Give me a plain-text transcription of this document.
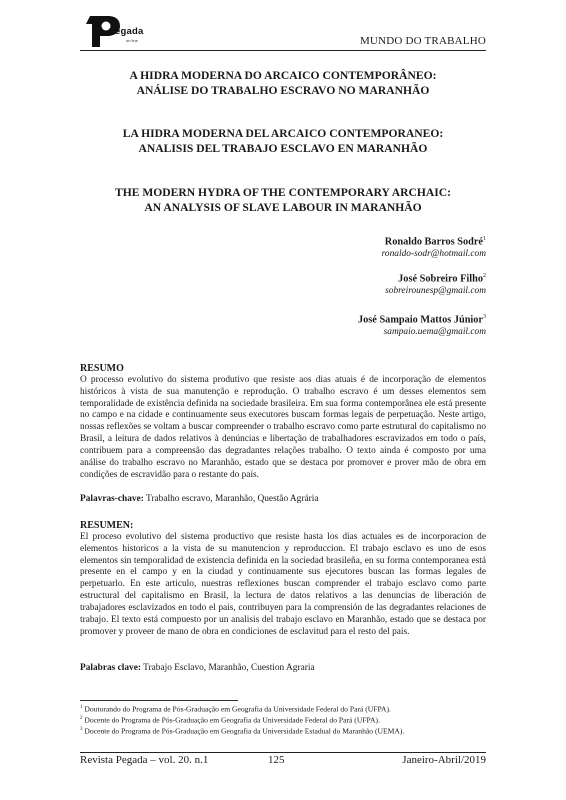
egada
on line	MUNDO DO TRABALHO
A HIDRA MODERNA DO ARCAICO CONTEMPORÂNEO:
ANÁLISE DO TRABALHO ESCRAVO NO MARANHÃO
LA HIDRA MODERNA DEL ARCAICO CONTEMPORANEO:
ANALISIS DEL TRABAJO ESCLAVO EN MARANHÃO
THE MODERN HYDRA OF THE CONTEMPORARY ARCHAIC:
AN ANALYSIS OF SLAVE LABOUR IN MARANHÃO
Ronaldo Barros Sodré$^1$
ronaldo-sodr@hotmail.com
José Sobreiro Filho$^2$
sobreirounesp@gmail.com
José Sampaio Mattos Júnior$^3$
sampaio.uema@gmail.com
RESUMO
O processo evolutivo do sistema produtivo que resiste aos dias atuais é de incorporação de elementos históricos à vista de sua manutenção e reprodução. O trabalho escravo é um desses elementos sem temporalidade de existência definida na sociedade brasileira. Em sua forma contemporânea ele está presente no campo e na cidade e continuamente seus executores buscam formas legais de perpetuação. Neste artigo, nossas reflexões se voltam a buscar compreender o trabalho escravo como parte estrutural do capitalismo no Brasil, a leitura de dados relativos à denúncias e libertação de trabalhadores escravizados em todo o país, contribuem para a compreensão das degradantes relações trabalho. O texto ainda é composto por uma análise do trabalho escravo no Maranhão, estado que se destaca por promover e prover mão de obra em condições de escravidão para o restante do país.
Palavras-chave: Trabalho escravo, Maranhão, Questão Agrária
RESUMEN:
El proceso evolutivo del sistema productivo que resiste hasta los días actuales es de incorporacion de elementos historicos a la vista de su manutencion y reproduccion. El trabajo esclavo es uno de esos elementos sin temporalidad de existencia definida en la sociedad brasileña, en su forma contemporanea está presente en el campo y en la ciudad y continuamente sus ejecutores buscan las formas legales de perpetuarlo. En este articulo, nuestras reflexiones buscan comprender el trabajo esclavo como parte estructural del capitalismo en Brasil, la lectura de datos relativos a las denuncias de liberación de trabajadores esclavizados en todo el pais, contribuyen para la comprensión de las degradantes relaciones de trabajo. El texto está compuesto por un analisis del trabajo esclavo en Maranhão, estado que se destaca por promover y proveer de mano de obra en condiciones de esclavitud para el resto del pais.
Palabras clave: Trabajo Esclavo, Maranhão, Cuestion Agraria
$^1$ Doutorando do Programa de Pós-Graduação em Geografia da Universidade Federal do Pará (UFPA).
$^2$ Docente do Programa de Pós-Graduação em Geografia da Universidade Federal do Pará (UFPA).
$^3$ Docente do Programa de Pós-Graduação em Geografia da Universidade Estadual do Maranhão (UEMA).
Revista Pegada – vol. 20. n.1	125	Janeiro-Abril/2019
